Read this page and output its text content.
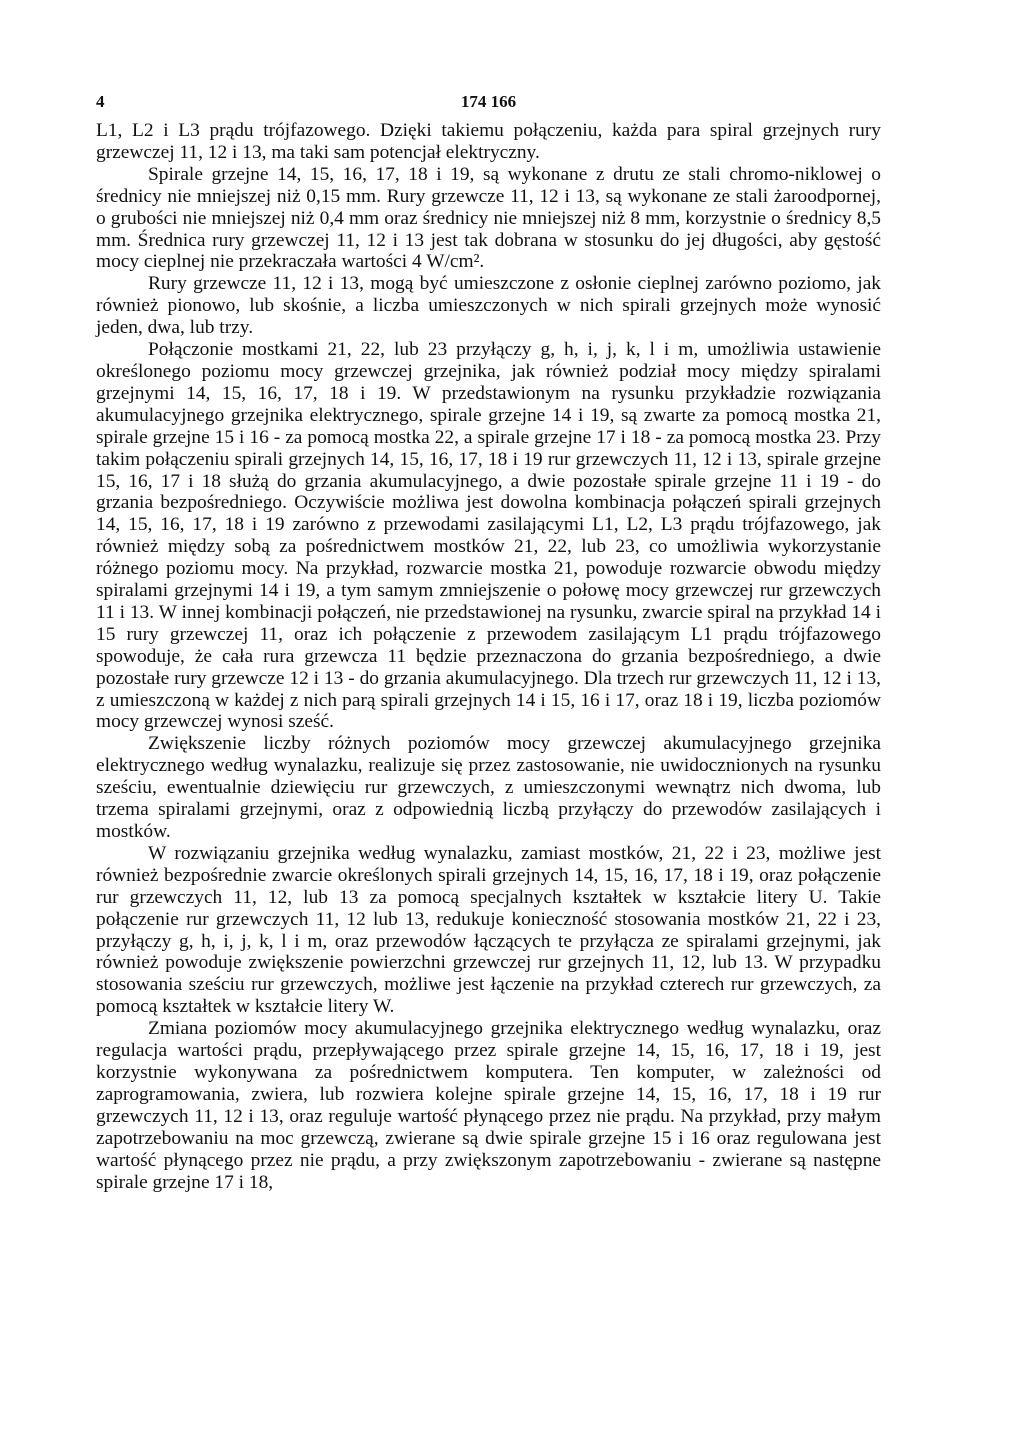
4	174 166

L1, L2 i L3 prądu trójfazowego. Dzięki takiemu połączeniu, każda para spiral grzejnych rury grzewczej 11, 12 i 13, ma taki sam potencjał elektryczny.

Spirale grzejne 14, 15, 16, 17, 18 i 19, są wykonane z drutu ze stali chromo-niklowej o średnicy nie mniejszej niż 0,15 mm. Rury grzewcze 11, 12 i 13, są wykonane ze stali żaroodpornej, o grubości nie mniejszej niż 0,4 mm oraz średnicy nie mniejszej niż 8 mm, korzystnie o średnicy 8,5 mm. Średnica rury grzewczej 11, 12 i 13 jest tak dobrana w stosunku do jej długości, aby gęstość mocy cieplnej nie przekraczała wartości 4 W/cm².

Rury grzewcze 11, 12 i 13, mogą być umieszczone z osłonie cieplnej zarówno poziomo, jak również pionowo, lub skośnie, a liczba umieszczonych w nich spirali grzejnych może wynosić jeden, dwa, lub trzy.

Połączonie mostkami 21, 22, lub 23 przyłączy g, h, i, j, k, l i m, umożliwia ustawienie określonego poziomu mocy grzewczej grzejnika, jak również podział mocy między spiralami grzejnymi 14, 15, 16, 17, 18 i 19. W przedstawionym na rysunku przykładzie rozwiązania akumulacyjnego grzejnika elektrycznego, spirale grzejne 14 i 19, są zwarte za pomocą mostka 21, spirale grzejne 15 i 16 - za pomocą mostka 22, a spirale grzejne 17 i 18 - za pomocą mostka 23. Przy takim połączeniu spirali grzejnych 14, 15, 16, 17, 18 i 19 rur grzewczych 11, 12 i 13, spirale grzejne 15, 16, 17 i 18 służą do grzania akumulacyjnego, a dwie pozostałe spirale grzejne 11 i 19 - do grzania bezpośredniego. Oczywiście możliwa jest dowolna kombinacja połączeń spirali grzejnych 14, 15, 16, 17, 18 i 19 zarówno z przewodami zasilającymi L1, L2, L3 prądu trójfazowego, jak również między sobą za pośrednictwem mostków 21, 22, lub 23, co umożliwia wykorzystanie różnego poziomu mocy. Na przykład, rozwarcie mostka 21, powoduje rozwarcie obwodu między spiralami grzejnymi 14 i 19, a tym samym zmniejszenie o połowę mocy grzewczej rur grzewczych 11 i 13. W innej kombinacji połączeń, nie przedstawionej na rysunku, zwarcie spiral na przykład 14 i 15 rury grzewczej 11, oraz ich połączenie z przewodem zasilającym L1 prądu trójfazowego spowoduje, że cała rura grzewcza 11 będzie przeznaczona do grzania bezpośredniego, a dwie pozostałe rury grzewcze 12 i 13 - do grzania akumulacyjnego. Dla trzech rur grzewczych 11, 12 i 13, z umieszczoną w każdej z nich parą spirali grzejnych 14 i 15, 16 i 17, oraz 18 i 19, liczba poziomów mocy grzewczej wynosi sześć.

Zwiększenie liczby różnych poziomów mocy grzewczej akumulacyjnego grzejnika elektrycznego według wynalazku, realizuje się przez zastosowanie, nie uwidocznionych na rysunku sześciu, ewentualnie dziewięciu rur grzewczych, z umieszczonymi wewnątrz nich dwoma, lub trzema spiralami grzejnymi, oraz z odpowiednią liczbą przyłączy do przewodów zasilających i mostków.

W rozwiązaniu grzejnika według wynalazku, zamiast mostków, 21, 22 i 23, możliwe jest również bezpośrednie zwarcie określonych spirali grzejnych 14, 15, 16, 17, 18 i 19, oraz połączenie rur grzewczych 11, 12, lub 13 za pomocą specjalnych kształtek w kształcie litery U. Takie połączenie rur grzewczych 11, 12 lub 13, redukuje konieczność stosowania mostków 21, 22 i 23, przyłączy g, h, i, j, k, l i m, oraz przewodów łączących te przyłącza ze spiralami grzejnymi, jak również powoduje zwiększenie powierzchni grzewczej rur grzejnych 11, 12, lub 13. W przypadku stosowania sześciu rur grzewczych, możliwe jest łączenie na przykład czterech rur grzewczych, za pomocą kształtek w kształcie litery W.

Zmiana poziomów mocy akumulacyjnego grzejnika elektrycznego według wynalazku, oraz regulacja wartości prądu, przepływającego przez spirale grzejne 14, 15, 16, 17, 18 i 19, jest korzystnie wykonywana za pośrednictwem komputera. Ten komputer, w zależności od zaprogramowania, zwiera, lub rozwiera kolejne spirale grzejne 14, 15, 16, 17, 18 i 19 rur grzewczych 11, 12 i 13, oraz reguluje wartość płynącego przez nie prądu. Na przykład, przy małym zapotrzebowaniu na moc grzewczą, zwierane są dwie spirale grzejne 15 i 16 oraz regulowana jest wartość płynącego przez nie prądu, a przy zwiększonym zapotrzebowaniu - zwierane są następne spirale grzejne 17 i 18,
